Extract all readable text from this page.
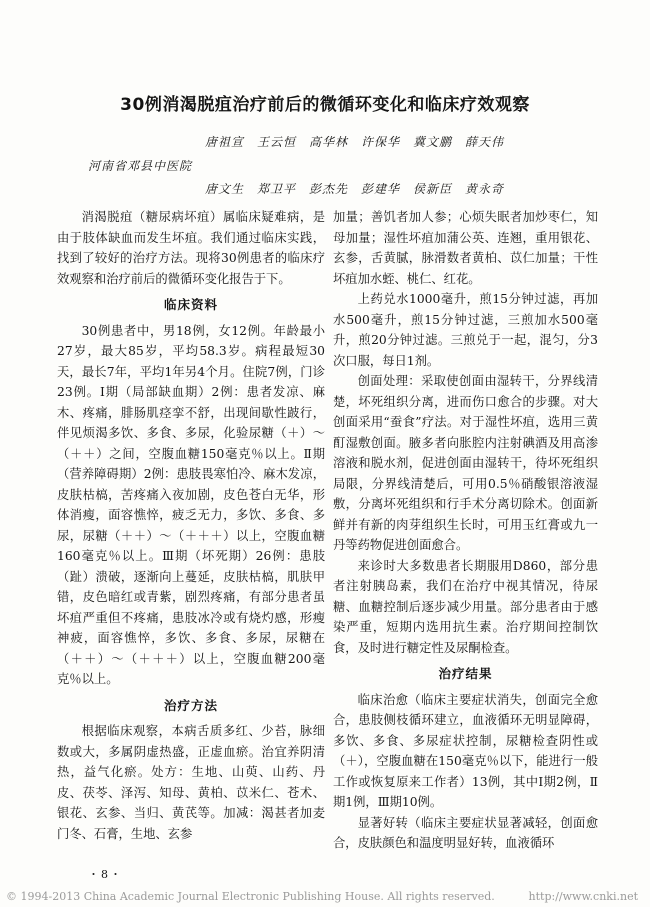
30例消渴脱疽治疗前后的微循环变化和临床疗效观察
唐祖宣　王云恒　高华林　许保华　冀文鹏　薛天伟
河南省邓县中医院
唐文生　郑卫平　彭杰先　彭建华　侯新臣　黄永奇

消渴脱疽（糖尿病坏疽）属临床疑难病，是由于肢体缺血而发生坏疽。我们通过临床实践，找到了较好的治疗方法。现将30例患者的临床疗效观察和治疗前后的微循环变化报告于下。

临床资料

30例患者中，男18例，女12例。年龄最小27岁，最大85岁，平均58.3岁。病程最短30天，最长7年，平均1年另4个月。住院7例，门诊23例。Ⅰ期（局部缺血期）2例：患者发凉、麻木、疼痛，腓肠肌痉挛不舒，出现间歇性跛行，伴见烦渴多饮、多食、多尿，化验尿糖（＋）～（＋＋）之间，空腹血糖150毫克％以上。Ⅱ期（营养障碍期）2例：患肢畏寒怕冷、麻木发凉，皮肤枯槁，苦疼痛入夜加剧，皮色苍白无华，形体消瘦，面容憔悴，疲乏无力，多饮、多食、多尿，尿糖（＋＋）～（＋＋＋）以上，空腹血糖160毫克％以上。Ⅲ期（坏死期）26例：患肢（趾）溃破，逐渐向上蔓延，皮肤枯槁，肌肤甲错，皮色暗红或青紫，剧烈疼痛，有部分患者虽坏疽严重但不疼痛，患肢冰冷或有烧灼感，形瘦神疲，面容憔悴，多饮、多食、多尿，尿糖在（＋＋）～（＋＋＋）以上，空腹血糖200毫克％以上。

治疗方法

根据临床观察，本病舌质多红、少苔，脉细数或大，多属阴虚热盛，正虚血瘀。治宜养阴清热，益气化瘀。处方：生地、山萸、山药、丹皮、茯苓、泽泻、知母、黄柏、苡米仁、苍术、银花、玄参、当归、黄芪等。加减：渴甚者加麦门冬、石膏，生地、玄参

加量；善饥者加人参；心烦失眠者加炒枣仁，知母加量；湿性坏疽加蒲公英、连翘，重用银花、玄参，舌黄腻，脉滑数者黄柏、苡仁加量；干性坏疽加水蛭、桃仁、红花。

上药兑水1000毫升，煎15分钟过滤，再加水500毫升，煎15分钟过滤，三煎加水500毫升，煎20分钟过滤。三煎兑于一起，混匀，分3次口服，每日1剂。

创面处理：采取使创面由湿转干，分界线清楚，坏死组织分离，进而伤口愈合的步骤。对大创面采用“蚕食”疗法。对于湿性坏疽，选用三黄酊湿敷创面。腋多者向胀腔内注射碘酒及用高渗溶液和脱水剂，促进创面由湿转干，待坏死组织局限，分界线清楚后，可用0.5％硝酸银溶液湿敷，分离坏死组织和行手术分离切除术。创面新鲜并有新的肉芽组织生长时，可用玉红膏或九一丹等药物促进创面愈合。

来诊时大多数患者长期服用D860，部分患者注射胰岛素，我们在治疗中视其情况，待尿糖、血糖控制后逐步减少用量。部分患者由于感染严重，短期内选用抗生素。治疗期间控制饮食，及时进行糖定性及尿酮检查。

治疗结果

临床治愈（临床主要症状消失，创面完全愈合，患肢侧枝循环建立，血液循环无明显障碍，多饮、多食、多尿症状控制，尿糖检查阴性或（＋），空腹血糖在150毫克％以下，能进行一般工作或恢复原来工作者）13例，其中Ⅰ期2例，Ⅱ期1例，Ⅲ期10例。

显著好转（临床主要症状显著减轻，创面愈合，皮肤颜色和温度明显好转，血液循环

・8・
© 1994-2013 China Academic Journal Electronic Publishing House. All rights reserved.	http://www.cnki.net
